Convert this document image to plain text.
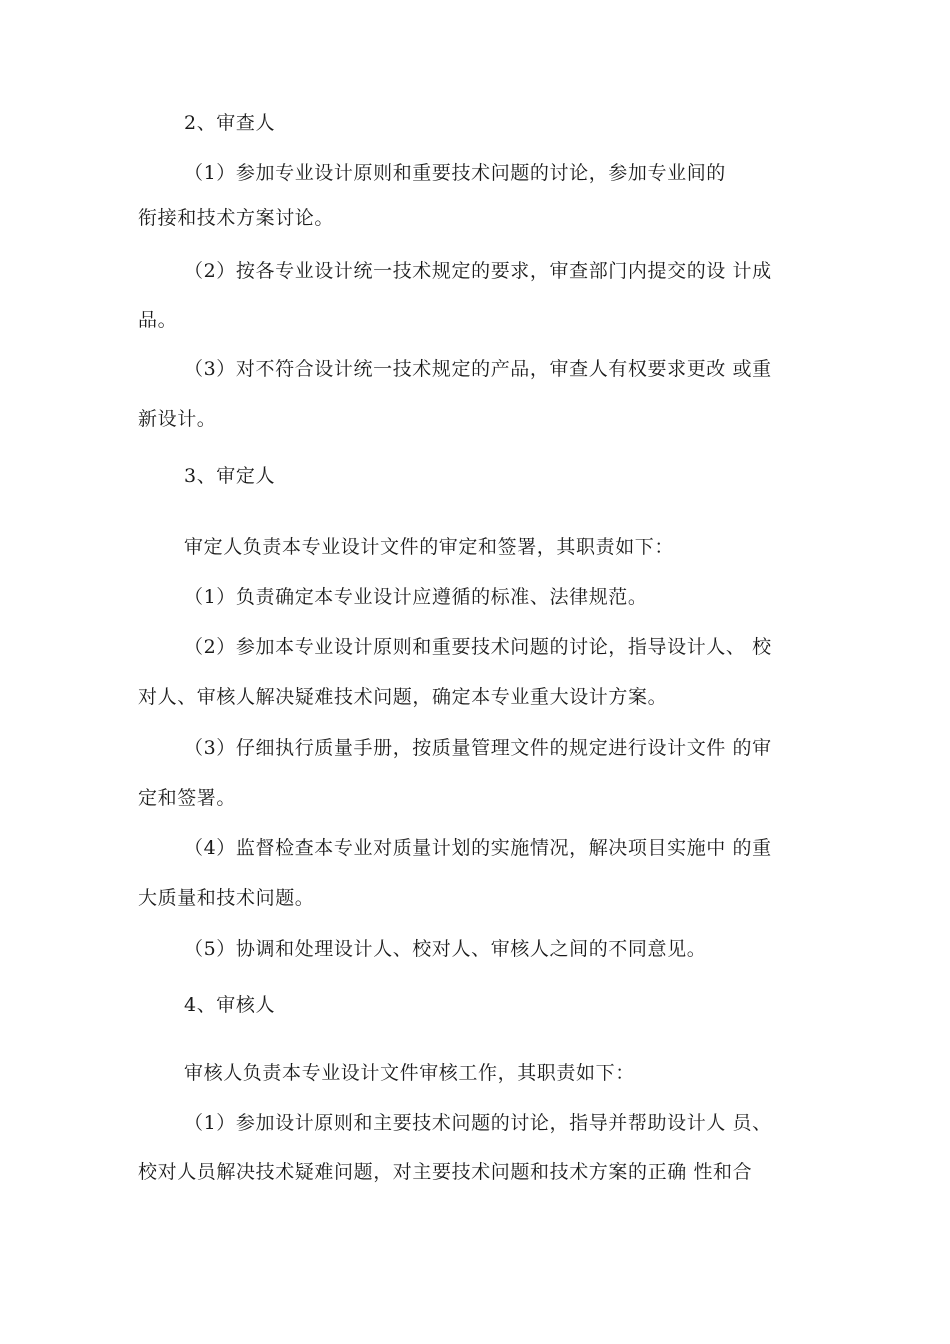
2、审查人
（1）参加专业设计原则和重要技术问题的讨论，参加专业间的
衔接和技术方案讨论。
（2）按各专业设计统一技术规定的要求，审查部门内提交的设 计成
品。
（3）对不符合设计统一技术规定的产品，审查人有权要求更改 或重
新设计。
3、审定人
审定人负责本专业设计文件的审定和签署，其职责如下：
（1）负责确定本专业设计应遵循的标准、法律规范。
（2）参加本专业设计原则和重要技术问题的讨论，指导设计人、 校
对人、审核人解决疑难技术问题，确定本专业重大设计方案。
（3）仔细执行质量手册，按质量管理文件的规定进行设计文件 的审
定和签署。
（4）监督检查本专业对质量计划的实施情况，解决项目实施中 的重
大质量和技术问题。
（5）协调和处理设计人、校对人、审核人之间的不同意见。
4、审核人
审核人负责本专业设计文件审核工作，其职责如下：
（1）参加设计原则和主要技术问题的讨论，指导并帮助设计人 员、
校对人员解决技术疑难问题，对主要技术问题和技术方案的正确 性和合
